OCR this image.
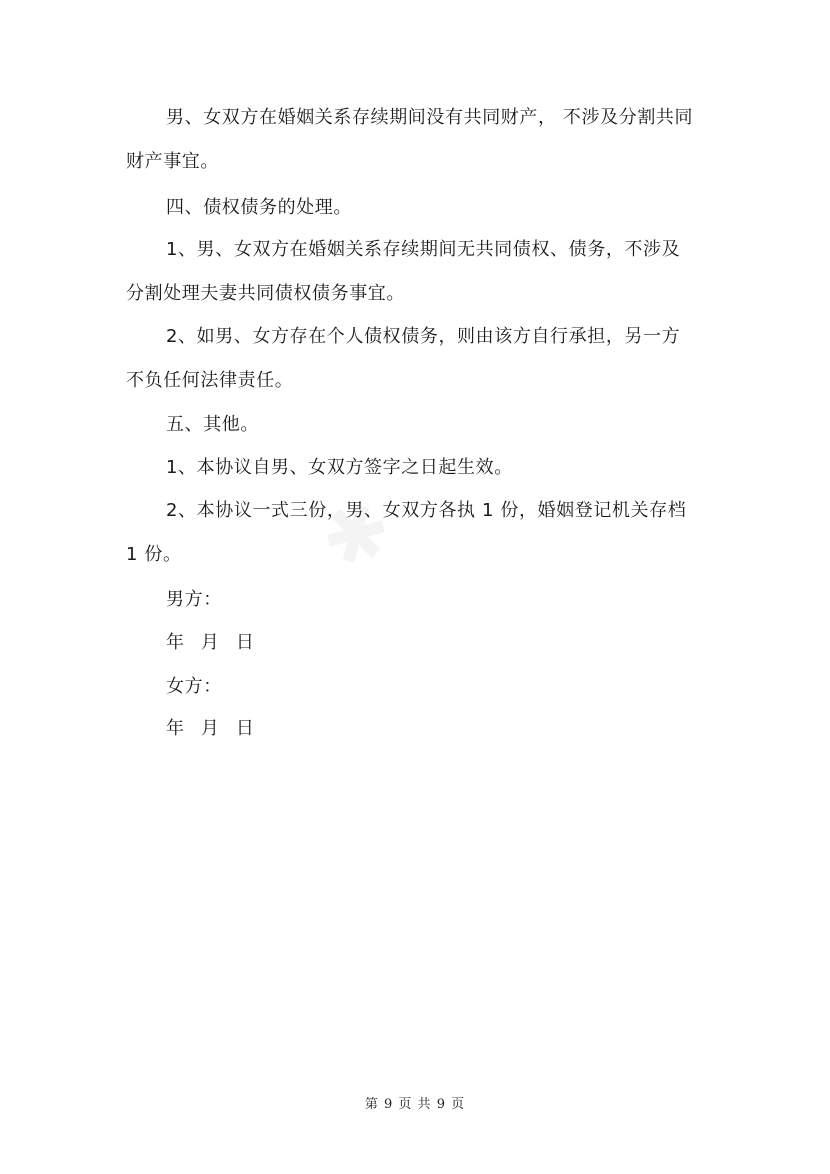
男、女双方在婚姻关系存续期间没有共同财产， 不涉及分割共同
财产事宜。
四、债权债务的处理。
1、男、女双方在婚姻关系存续期间无共同债权、债务，不涉及
分割处理夫妻共同债权债务事宜。
2、如男、女方存在个人债权债务，则由该方自行承担，另一方
不负任何法律责任。
五、其他。
1、本协议自男、女双方签字之日起生效。
2、本协议一式三份，男、女双方各执 1 份，婚姻登记机关存档
1 份。
男方：
年 月 日
女方：
年 月 日
第 9 页 共 9 页
